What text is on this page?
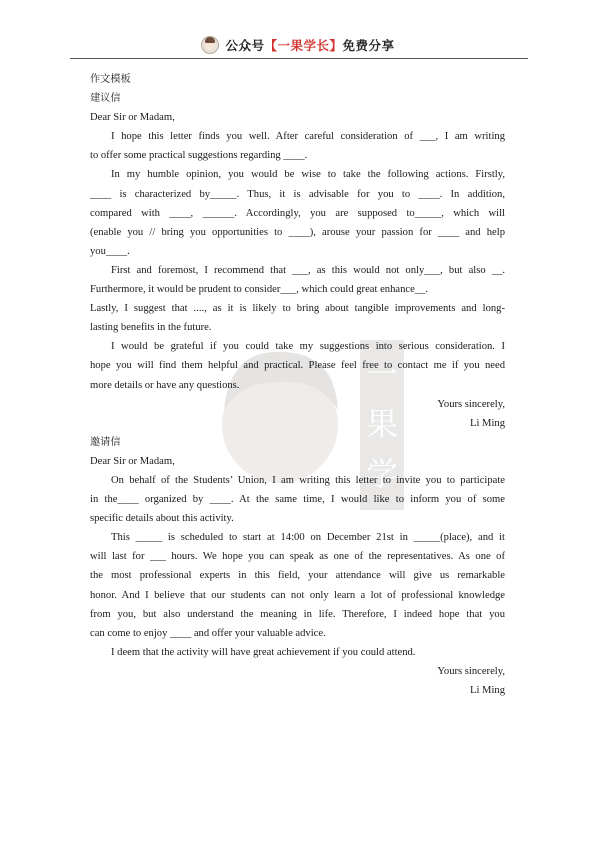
公众号【一果学长】免费分享
一
果
学
作文模板
建议信
Dear Sir or Madam,
I hope this letter finds you well. After careful consideration of ___, I am writing
to offer some practical suggestions regarding ____.
In my humble opinion, you would be wise to take the following actions. Firstly,
____ is characterized by_____. Thus, it is advisable for you to ____. In addition,
compared with ____, ______. Accordingly, you are supposed to_____, which will
(enable you // bring you opportunities to ____), arouse your passion for ____ and help
you____.
First and foremost, I recommend that ___, as this would not only___, but also __.
Furthermore, it would be prudent to consider___, which could great enhance__.
Lastly, I suggest that ...., as it is likely to bring about tangible improvements and long-
lasting benefits in the future.
I would be grateful if you could take my suggestions into serious consideration. I
hope you will find them helpful and practical. Please feel free to contact me if you need
more details or have any questions.
Yours sincerely,
Li Ming
邀请信
Dear Sir or Madam,
On behalf of the Students’ Union, I am writing this letter to invite you to participate
in the____ organized by ____. At the same time, I would like to inform you of some
specific details about this activity.
This _____ is scheduled to start at 14:00 on December 21st in _____(place), and it
will last for ___ hours. We hope you can speak as one of the representatives. As one of
the most professional experts in this field, your attendance will give us remarkable
honor. And I believe that our students can not only learn a lot of professional knowledge
from you, but also understand the meaning in life. Therefore, I indeed hope that you
can come to enjoy ____ and offer your valuable advice.
I deem that the activity will have great achievement if you could attend.
Yours sincerely,
Li Ming
